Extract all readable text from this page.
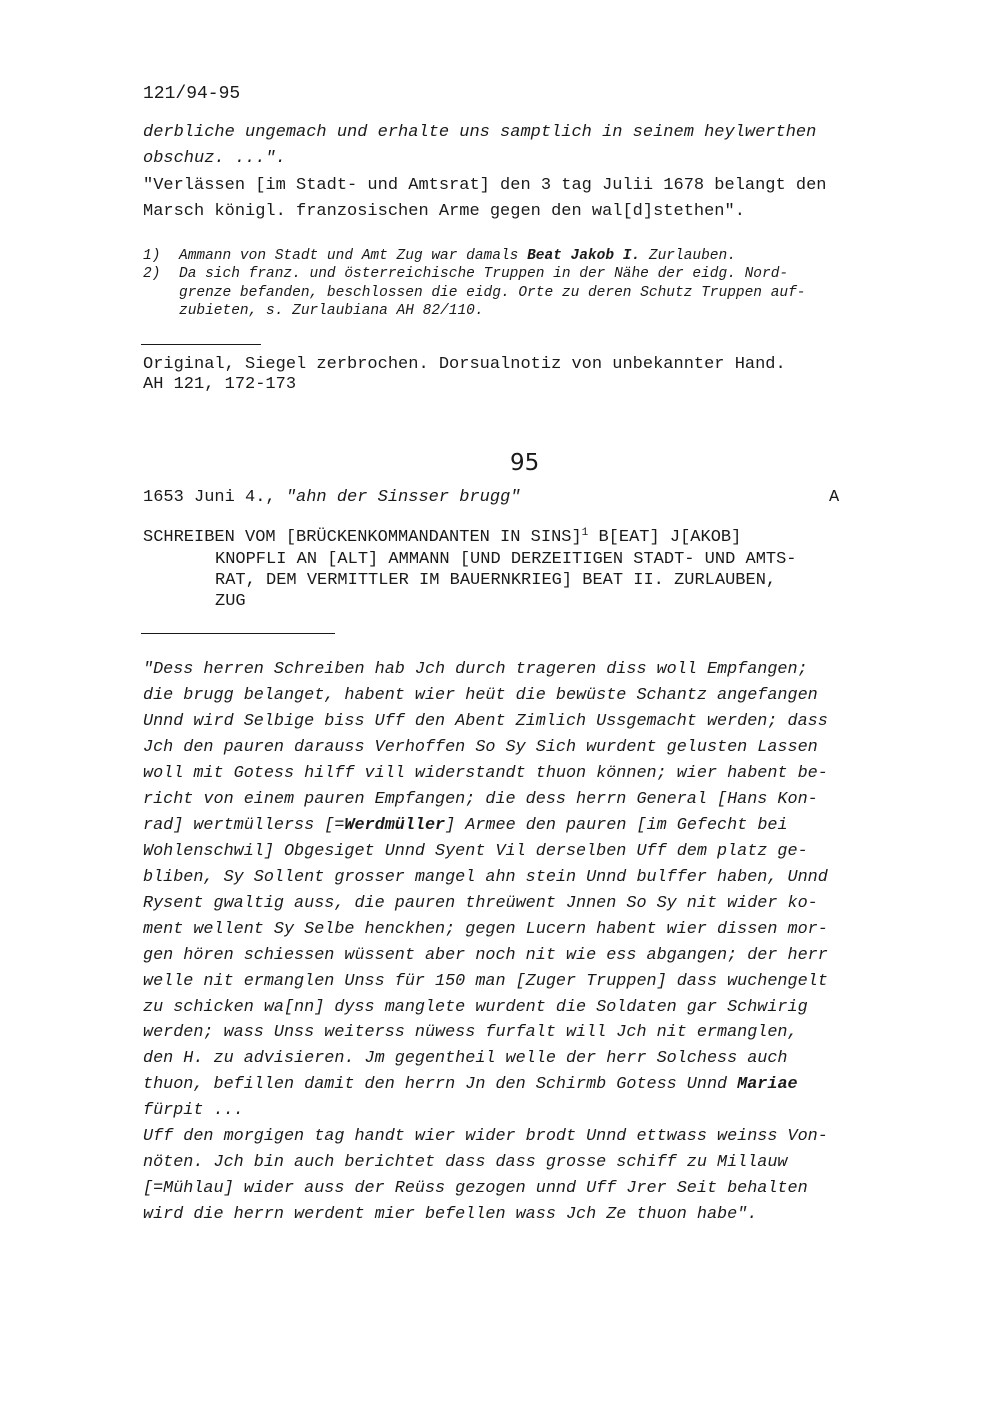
121/94-95
derbliche ungemach und erhalte uns samptlich in seinem heylwerthen
obschuz. ...".
"Verlässen [im Stadt- und Amtsrat] den 3 tag Julii 1678 belangt den
Marsch königl. franzosischen Arme gegen den wal[d]stethen".
1) Ammann von Stadt und Amt Zug war damals Beat Jakob I. Zurlauben.
2) Da sich franz. und österreichische Truppen in der Nähe der eidg. Nord-
grenze befanden, beschlossen die eidg. Orte zu deren Schutz Truppen auf-
zubieten, s. Zurlaubiana AH 82/110.
Original, Siegel zerbrochen. Dorsualnotiz von unbekannter Hand.
AH 121, 172-173
95
1653 Juni 4., "ahn der Sinsser brugg"	A
SCHREIBEN VOM [BRÜCKENKOMMANDANTEN IN SINS]$^1$ B[EAT] J[AKOB]
KNOPFLI AN [ALT] AMMANN [UND DERZEITIGEN STADT- UND AMTS-
RAT, DEM VERMITTLER IM BAUERNKRIEG] BEAT II. ZURLAUBEN,
ZUG
"Dess herren Schreiben hab Jch durch trageren diss woll Empfangen;
die brugg belanget, habent wier heüt die bewüste Schantz angefangen
Unnd wird Selbige biss Uff den Abent Zimlich Ussgemacht werden; dass
Jch den pauren darauss Verhoffen So Sy Sich wurdent gelusten Lassen
woll mit Gotess hilff vill widerstandt thuon können; wier habent be-
richt von einem pauren Empfangen; die dess herrn General [Hans Kon-
rad] wertmüllerss [=Werdmüller] Armee den pauren [im Gefecht bei
Wohlenschwil] Obgesiget Unnd Syent Vil derselben Uff dem platz ge-
bliben, Sy Sollent grosser mangel ahn stein Unnd bulffer haben, Unnd
Rysent gwaltig auss, die pauren threüwent Jnnen So Sy nit wider ko-
ment wellent Sy Selbe henckhen; gegen Lucern habent wier dissen mor-
gen hören schiessen wüssent aber noch nit wie ess abgangen; der herr
welle nit ermanglen Unss für 150 man [Zuger Truppen] dass wuchengelt
zu schicken wa[nn] dyss manglete wurdent die Soldaten gar Schwirig
werden; wass Unss weiterss nüwess furfalt will Jch nit ermanglen,
den H. zu advisieren. Jm gegentheil welle der herr Solchess auch
thuon, befillen damit den herrn Jn den Schirmb Gotess Unnd Mariae
fürpit ...
Uff den morgigen tag handt wier wider brodt Unnd ettwass weinss Von-
nöten. Jch bin auch berichtet dass dass grosse schiff zu Millauw
[=Mühlau] wider auss der Reüss gezogen unnd Uff Jrer Seit behalten
wird die herrn werdent mier befellen wass Jch Ze thuon habe".
